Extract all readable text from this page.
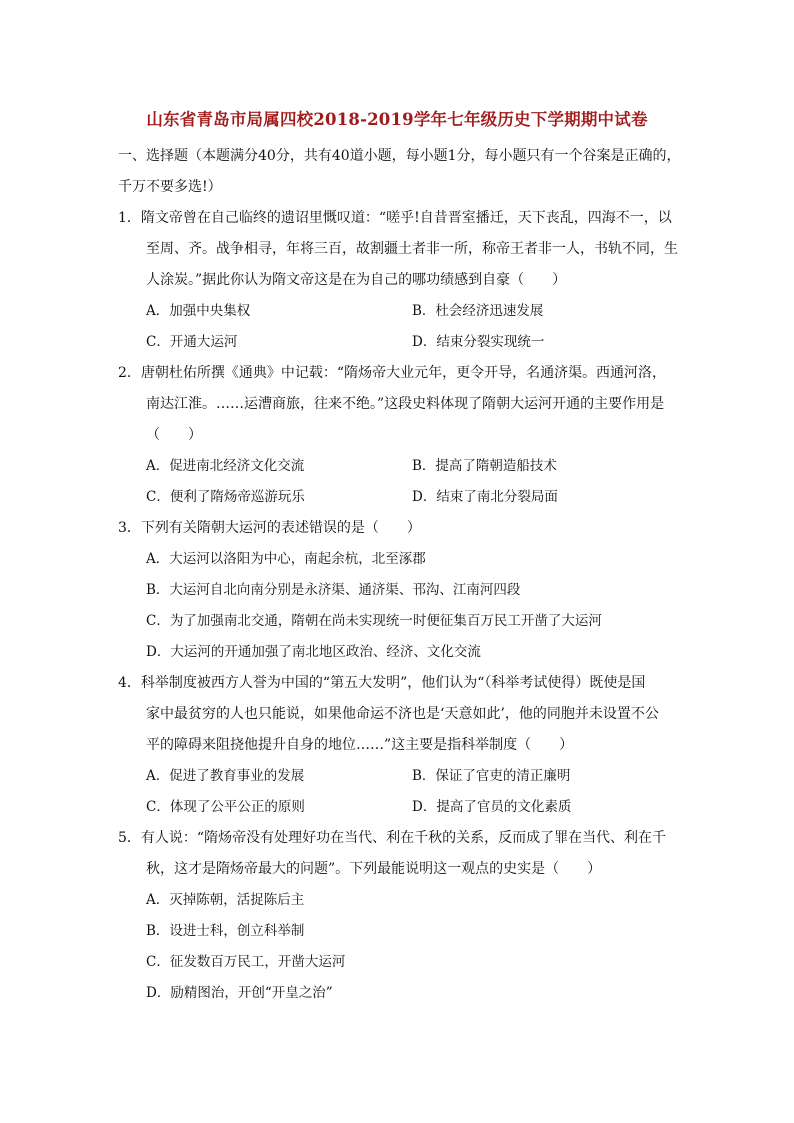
山东省青岛市局属四校2018-2019学年七年级历史下学期期中试卷
一、选择题（本题满分40分，共有40道小题，每小题1分，每小题只有一个谷案是正确的，
千万不要多选!）
1．隋文帝曾在自己临终的遗诏里慨叹道：“嗟乎!自昔晋室播迁，天下丧乱，四海不一，以
至周、齐。战争相寻，年将三百，故割疆土者非一所，称帝王者非一人，书轨不同，生
人涂炭。”据此你认为隋文帝这是在为自己的哪功绩感到自豪（　　）
A．加强中央集权	B．杜会经济迅速发展
C．开通大运河	D．结束分裂实现统一
2．唐朝杜佑所撰《通典》中记载：“隋炀帝大业元年，更令开导，名通济渠。西通河洛，
南达江淮。……运漕商旅，往来不绝。”这段史料体现了隋朝大运河开通的主要作用是
（　　）
A．促进南北经济文化交流	B．提高了隋朝造船技术
C．便利了隋炀帝巡游玩乐	D．结束了南北分裂局面
3．下列有关隋朝大运河的表述错误的是（　　）
A．大运河以洛阳为中心，南起余杭，北至涿郡
B．大运河自北向南分别是永济渠、通济渠、邗沟、江南河四段
C．为了加强南北交通，隋朝在尚未实现统一时便征集百万民工开凿了大运河
D．大运河的开通加强了南北地区政治、经济、文化交流
4．科举制度被西方人誉为中国的“第五大发明”，他们认为“（科举考试使得）既使是国
家中最贫穷的人也只能说，如果他命运不济也是‘天意如此’，他的同胞并未设置不公
平的障碍来阻挠他提升自身的地位……”这主要是指科举制度（　　）
A．促进了教育事业的发展	B．保证了官吏的清正廉明
C．体现了公平公正的原则	D．提高了官员的文化素质
5．有人说：“隋炀帝没有处理好功在当代、利在千秋的关系，反而成了罪在当代、利在千
秋，这才是隋炀帝最大的问题”。下列最能说明这一观点的史实是（　　）
A．灭掉陈朝，活捉陈后主
B．设进士科，创立科举制
C．征发数百万民工，开凿大运河
D．励精图治，开创“开皇之治”
